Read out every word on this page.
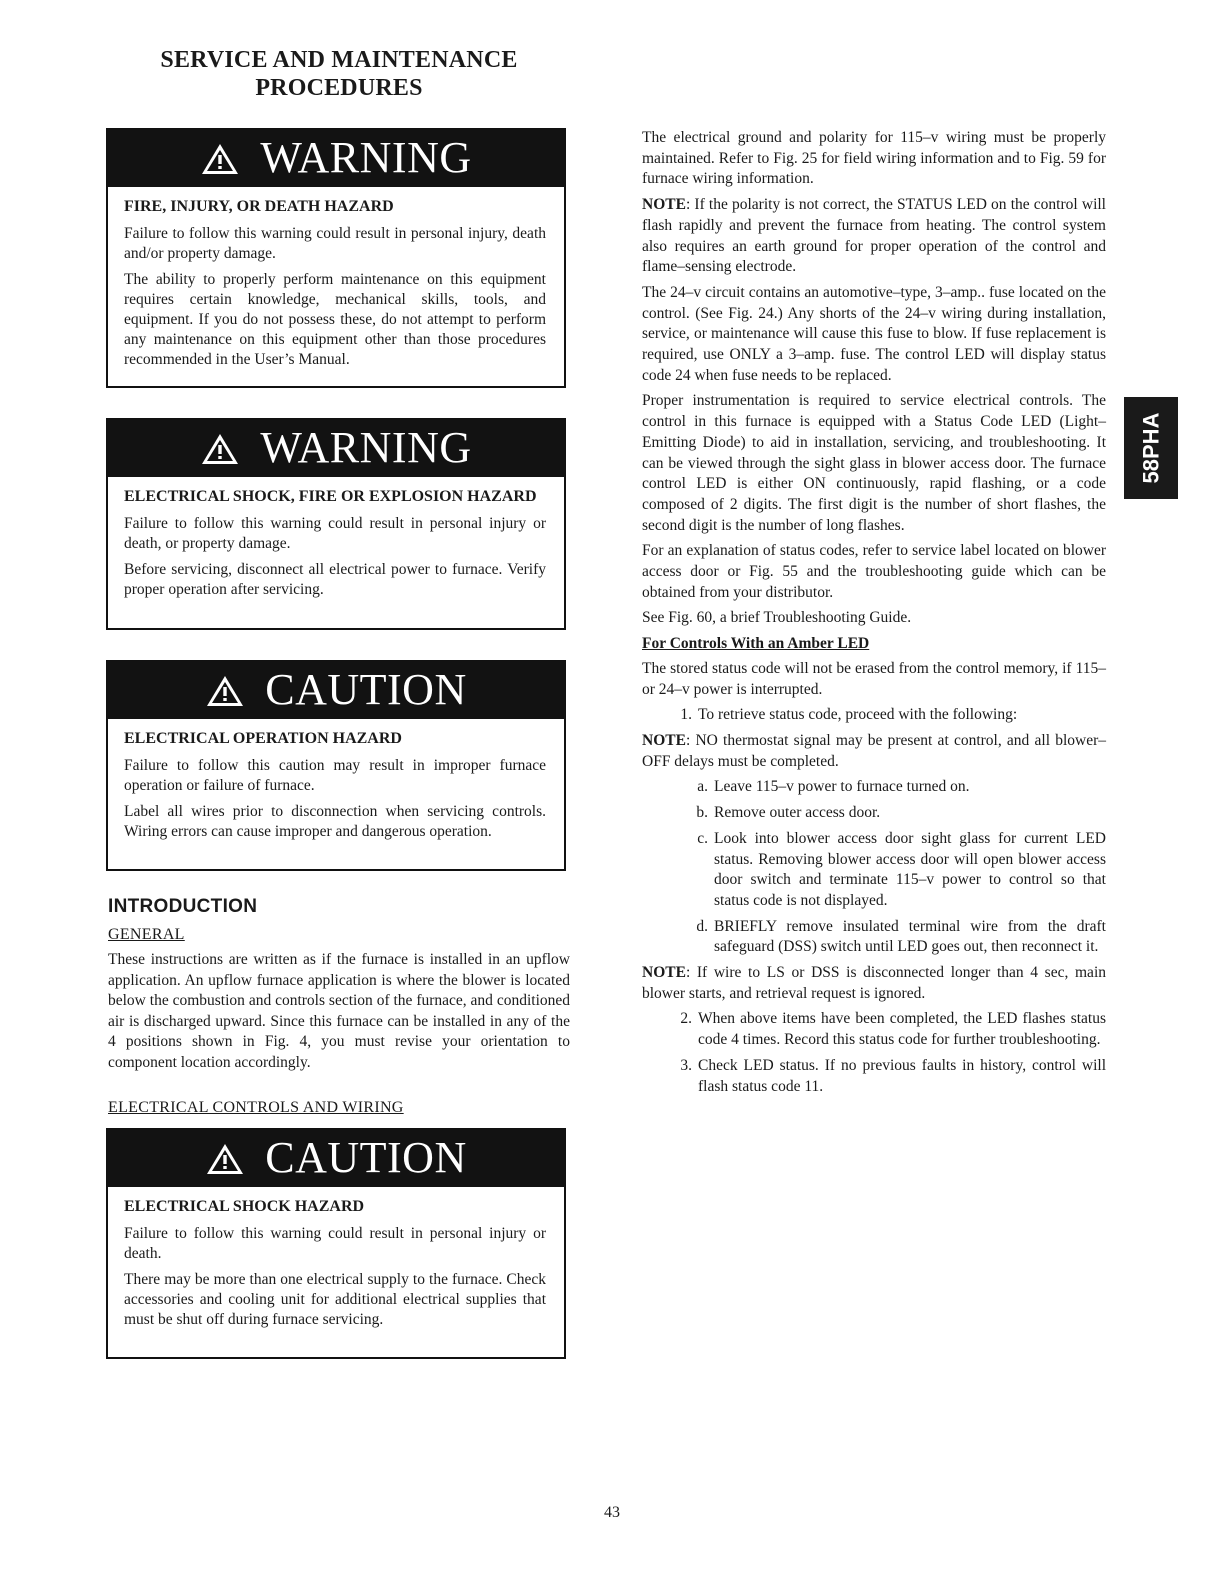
SERVICE AND MAINTENANCE
PROCEDURES
WARNING
FIRE, INJURY, OR DEATH HAZARD

Failure to follow this warning could result in personal injury, death and/or property damage.

The ability to properly perform maintenance on this equipment requires certain knowledge, mechanical skills, tools, and equipment. If you do not possess these, do not attempt to perform any maintenance on this equipment other than those procedures recommended in the User’s Manual.

WARNING
ELECTRICAL SHOCK, FIRE OR EXPLOSION HAZARD

Failure to follow this warning could result in personal injury or death, or property damage.

Before servicing, disconnect all electrical power to furnace. Verify proper operation after servicing.

CAUTION
ELECTRICAL OPERATION HAZARD

Failure to follow this caution may result in improper furnace operation or failure of furnace.

Label all wires prior to disconnection when servicing controls. Wiring errors can cause improper and dangerous operation.

INTRODUCTION
GENERAL

These instructions are written as if the furnace is installed in an upflow application. An upflow furnace application is where the blower is located below the combustion and controls section of the furnace, and conditioned air is discharged upward. Since this furnace can be installed in any of the 4 positions shown in Fig. 4, you must revise your orientation to component location accordingly.

ELECTRICAL CONTROLS AND WIRING
CAUTION
ELECTRICAL SHOCK HAZARD

Failure to follow this warning could result in personal injury or death.

There may be more than one electrical supply to the furnace. Check accessories and cooling unit for additional electrical supplies that must be shut off during furnace servicing.

The electrical ground and polarity for 115–v wiring must be properly maintained. Refer to Fig. 25 for field wiring information and to Fig. 59 for furnace wiring information.

NOTE: If the polarity is not correct, the STATUS LED on the control will flash rapidly and prevent the furnace from heating. The control system also requires an earth ground for proper operation of the control and flame–sensing electrode.

The 24–v circuit contains an automotive–type, 3–amp.. fuse located on the control. (See Fig. 24.) Any shorts of the 24–v wiring during installation, service, or maintenance will cause this fuse to blow. If fuse replacement is required, use ONLY a 3–amp. fuse. The control LED will display status code 24 when fuse needs to be replaced.

Proper instrumentation is required to service electrical controls. The control in this furnace is equipped with a Status Code LED (Light–Emitting Diode) to aid in installation, servicing, and troubleshooting. It can be viewed through the sight glass in blower access door. The furnace control LED is either ON continuously, rapid flashing, or a code composed of 2 digits. The first digit is the number of short flashes, the second digit is the number of long flashes.

For an explanation of status codes, refer to service label located on blower access door or Fig. 55 and the troubleshooting guide which can be obtained from your distributor.

See Fig. 60, a brief Troubleshooting Guide.

For Controls With an Amber LED

The stored status code will not be erased from the control memory, if 115– or 24–v power is interrupted.

1. To retrieve status code, proceed with the following:

NOTE: NO thermostat signal may be present at control, and all blower–OFF delays must be completed.

a. Leave 115–v power to furnace turned on.
b. Remove outer access door.
c. Look into blower access door sight glass for current LED status. Removing blower access door will open blower access door switch and terminate 115–v power to control so that status code is not displayed.
d. BRIEFLY remove insulated terminal wire from the draft safeguard (DSS) switch until LED goes out, then reconnect it.

NOTE: If wire to LS or DSS is disconnected longer than 4 sec, main blower starts, and retrieval request is ignored.

2. When above items have been completed, the LED flashes status code 4 times. Record this status code for further troubleshooting.
3. Check LED status. If no previous faults in history, control will flash status code 11.
58PHA
43
